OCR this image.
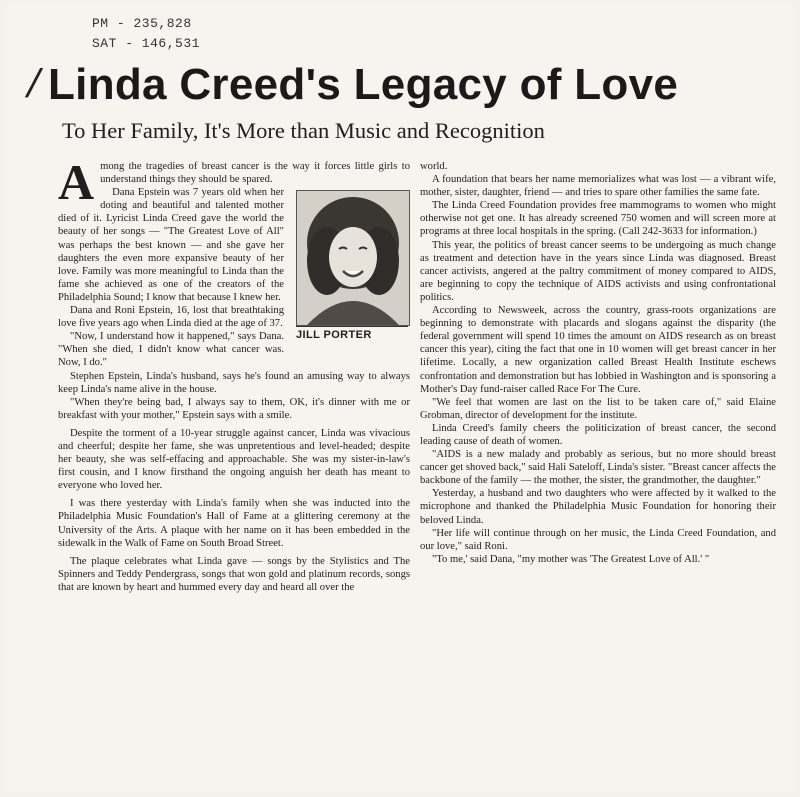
PM - 235,828
SAT - 146,531
/ Linda Creed's Legacy of Love
To Her Family, It's More than Music and Recognition

Among the tragedies of breast cancer is the way it forces little girls to understand things they should be spared.

JILL PORTER

Dana Epstein was 7 years old when her doting and beautiful and talented mother died of it. Lyricist Linda Creed gave the world the beauty of her songs — "The Greatest Love of All" was perhaps the best known — and she gave her daughters the even more expansive beauty of her love. Family was more meaningful to Linda than the fame she achieved as one of the creators of the Philadelphia Sound; I know that because I knew her.

Dana and Roni Epstein, 16, lost that breathtaking love five years ago when Linda died at the age of 37.

"Now, I understand how it happened," says Dana. "When she died, I didn't know what cancer was. Now, I do."

Stephen Epstein, Linda's husband, says he's found an amusing way to always keep Linda's name alive in the house.

"When they're being bad, I always say to them, OK, it's dinner with me or breakfast with your mother," Epstein says with a smile.

Despite the torment of a 10-year struggle against cancer, Linda was vivacious and cheerful; despite her fame, she was unpretentious and level-headed; despite her beauty, she was self-effacing and approachable. She was my sister-in-law's first cousin, and I know firsthand the ongoing anguish her death has meant to everyone who loved her.

I was there yesterday with Linda's family when she was inducted into the Philadelphia Music Foundation's Hall of Fame at a glittering ceremony at the University of the Arts. A plaque with her name on it has been embedded in the sidewalk in the Walk of Fame on South Broad Street.

The plaque celebrates what Linda gave — songs by the Stylistics and The Spinners and Teddy Pendergrass, songs that won gold and platinum records, songs that are known by heart and hummed every day and heard all over the

world.

A foundation that bears her name memorializes what was lost — a vibrant wife, mother, sister, daughter, friend — and tries to spare other families the same fate.

The Linda Creed Foundation provides free mammograms to women who might otherwise not get one. It has already screened 750 women and will screen more at programs at three local hospitals in the spring. (Call 242-3633 for information.)

This year, the politics of breast cancer seems to be undergoing as much change as treatment and detection have in the years since Linda was diagnosed. Breast cancer activists, angered at the paltry commitment of money compared to AIDS, are beginning to copy the technique of AIDS activists and using confrontational politics.

According to Newsweek, across the country, grass-roots organizations are beginning to demonstrate with placards and slogans against the disparity (the federal government will spend 10 times the amount on AIDS research as on breast cancer this year), citing the fact that one in 10 women will get breast cancer in her lifetime. Locally, a new organization called Breast Health Institute eschews confrontation and demonstration but has lobbied in Washington and is sponsoring a Mother's Day fund-raiser called Race For The Cure.

"We feel that women are last on the list to be taken care of," said Elaine Grobman, director of development for the institute.

Linda Creed's family cheers the politicization of breast cancer, the second leading cause of death of women.

"AIDS is a new malady and probably as serious, but no more should breast cancer get shoved back," said Hali Sateloff, Linda's sister. "Breast cancer affects the backbone of the family — the mother, the sister, the grandmother, the daughter."

Yesterday, a husband and two daughters who were affected by it walked to the microphone and thanked the Philadelphia Music Foundation for honoring their beloved Linda.

"Her life will continue through on her music, the Linda Creed Foundation, and our love," said Roni.

"To me,' said Dana, "my mother was 'The Greatest Love of All.' "
